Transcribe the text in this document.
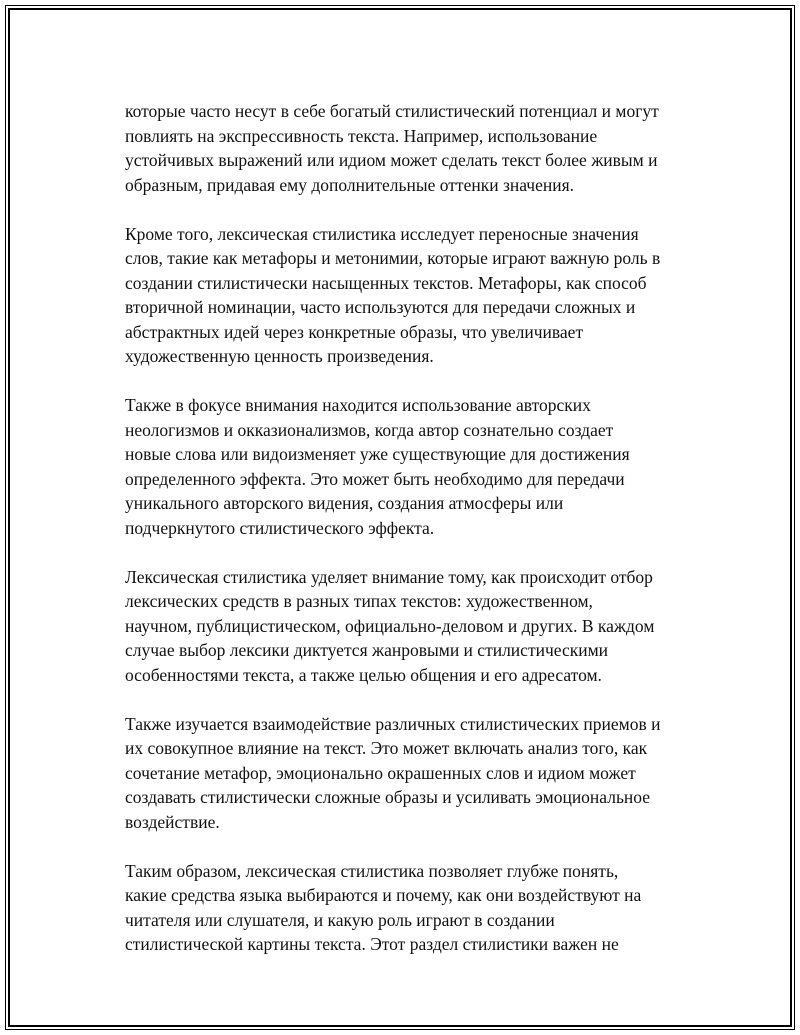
которые часто несут в себе богатый стилистический потенциал и могут
повлиять на экспрессивность текста. Например, использование
устойчивых выражений или идиом может сделать текст более живым и
образным, придавая ему дополнительные оттенки значения.

Кроме того, лексическая стилистика исследует переносные значения
слов, такие как метафоры и метонимии, которые играют важную роль в
создании стилистически насыщенных текстов. Метафоры, как способ
вторичной номинации, часто используются для передачи сложных и
абстрактных идей через конкретные образы, что увеличивает
художественную ценность произведения.

Также в фокусе внимания находится использование авторских
неологизмов и окказионализмов, когда автор сознательно создает
новые слова или видоизменяет уже существующие для достижения
определенного эффекта. Это может быть необходимо для передачи
уникального авторского видения, создания атмосферы или
подчеркнутого стилистического эффекта.

Лексическая стилистика уделяет внимание тому, как происходит отбор
лексических средств в разных типах текстов: художественном,
научном, публицистическом, официально-деловом и других. В каждом
случае выбор лексики диктуется жанровыми и стилистическими
особенностями текста, а также целью общения и его адресатом.

Также изучается взаимодействие различных стилистических приемов и
их совокупное влияние на текст. Это может включать анализ того, как
сочетание метафор, эмоционально окрашенных слов и идиом может
создавать стилистически сложные образы и усиливать эмоциональное
воздействие.

Таким образом, лексическая стилистика позволяет глубже понять,
какие средства языка выбираются и почему, как они воздействуют на
читателя или слушателя, и какую роль играют в создании
стилистической картины текста. Этот раздел стилистики важен не
